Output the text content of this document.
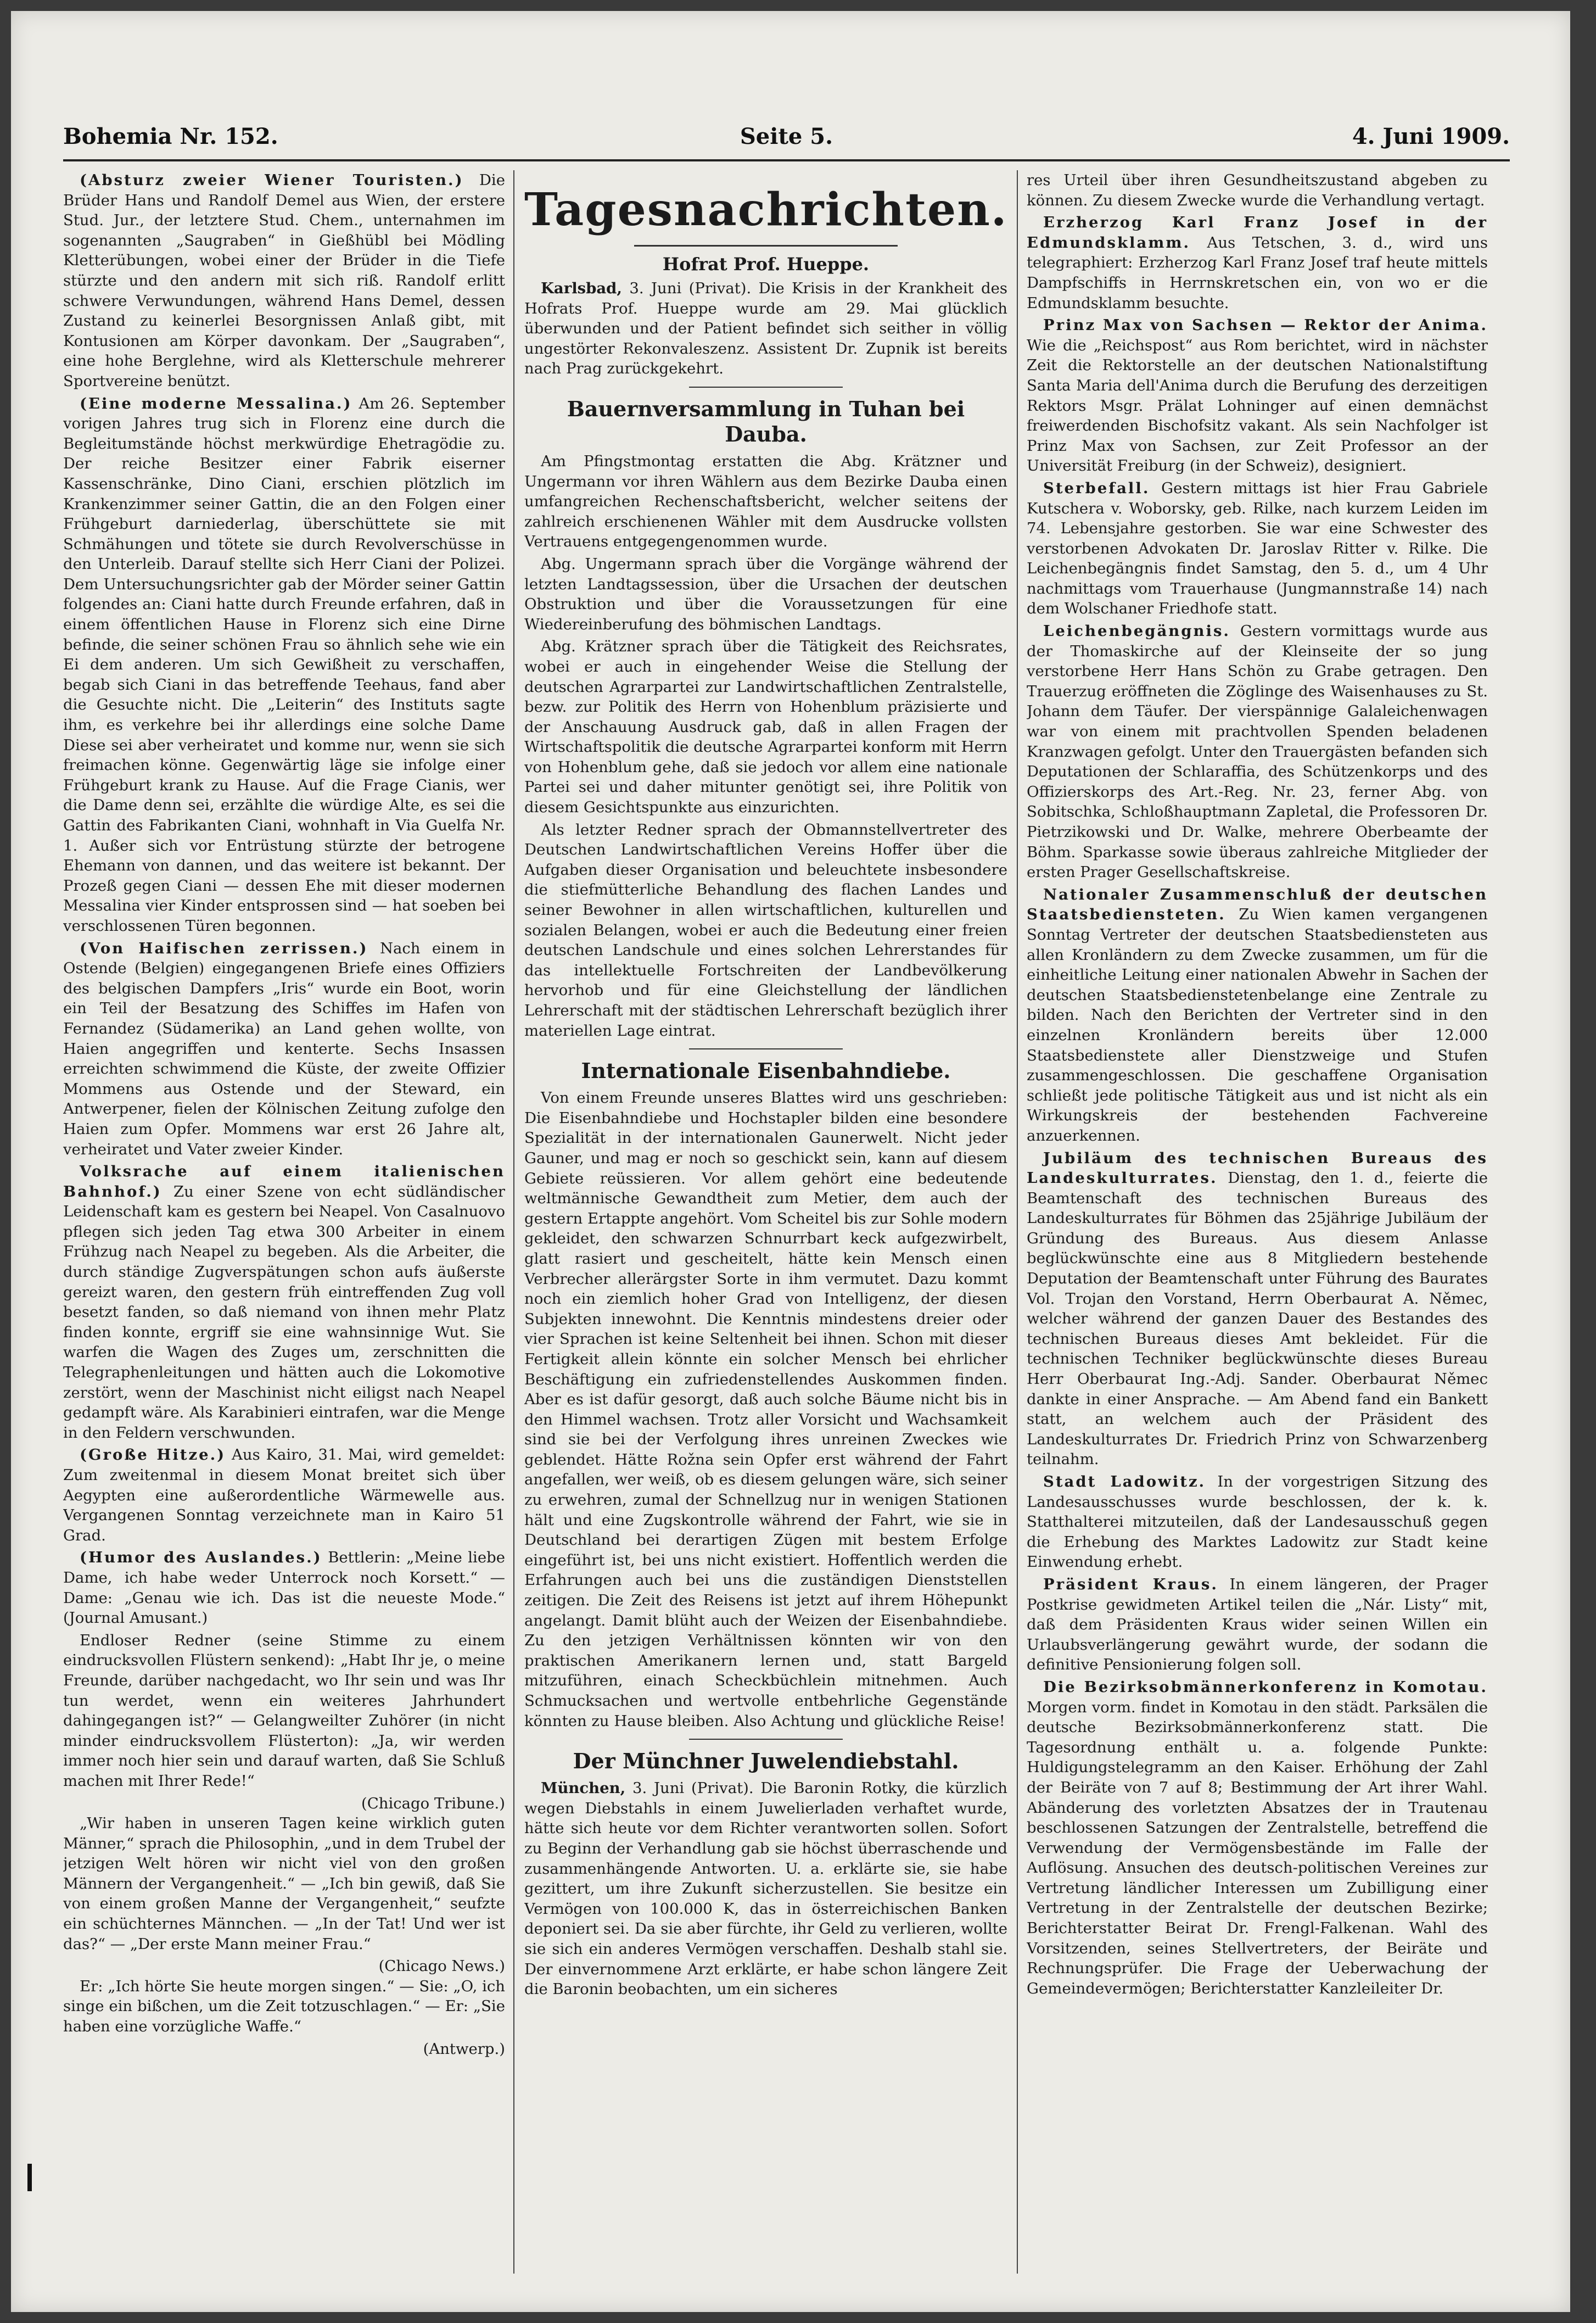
Bohemia Nr. 152.	Seite 5.	4. Juni 1909.

(Absturz zweier Wiener Touristen.) Die Brüder Hans und Randolf Demel aus Wien, der erstere Stud. Jur., der letztere Stud. Chem., unternahmen im sogenannten „Saugraben“ in Gießhübl bei Mödling Kletterübungen, wobei einer der Brüder in die Tiefe stürzte und den andern mit sich riß. Randolf erlitt schwere Verwundungen, während Hans Demel, dessen Zustand zu keinerlei Besorgnissen Anlaß gibt, mit Kontusionen am Körper davonkam. Der „Saugraben“, eine hohe Berglehne, wird als Kletterschule mehrerer Sportvereine benützt.

(Eine moderne Messalina.) Am 26. September vorigen Jahres trug sich in Florenz eine durch die Begleitumstände höchst merkwürdige Ehetragödie zu. Der reiche Besitzer einer Fabrik eiserner Kassenschränke, Dino Ciani, erschien plötzlich im Krankenzimmer seiner Gattin, die an den Folgen einer Frühgeburt darniederlag, überschüttete sie mit Schmähungen und tötete sie durch Revolverschüsse in den Unterleib. Darauf stellte sich Herr Ciani der Polizei. Dem Untersuchungsrichter gab der Mörder seiner Gattin folgendes an: Ciani hatte durch Freunde erfahren, daß in einem öffentlichen Hause in Florenz sich eine Dirne befinde, die seiner schönen Frau so ähnlich sehe wie ein Ei dem anderen. Um sich Gewißheit zu verschaffen, begab sich Ciani in das betreffende Teehaus, fand aber die Gesuchte nicht. Die „Leiterin“ des Instituts sagte ihm, es verkehre bei ihr allerdings eine solche Dame Diese sei aber verheiratet und komme nur, wenn sie sich freimachen könne. Gegenwärtig läge sie infolge einer Frühgeburt krank zu Hause. Auf die Frage Cianis, wer die Dame denn sei, erzählte die würdige Alte, es sei die Gattin des Fabrikanten Ciani, wohnhaft in Via Guelfa Nr. 1. Außer sich vor Entrüstung stürzte der betrogene Ehemann von dannen, und das weitere ist bekannt. Der Prozeß gegen Ciani — dessen Ehe mit dieser modernen Messalina vier Kinder entsprossen sind — hat soeben bei verschlossenen Türen begonnen.

(Von Haifischen zerrissen.) Nach einem in Ostende (Belgien) eingegangenen Briefe eines Offiziers des belgischen Dampfers „Iris“ wurde ein Boot, worin ein Teil der Besatzung des Schiffes im Hafen von Fernandez (Südamerika) an Land gehen wollte, von Haien angegriffen und kenterte. Sechs Insassen erreichten schwimmend die Küste, der zweite Offizier Mommens aus Ostende und der Steward, ein Antwerpener, fielen der Kölnischen Zeitung zufolge den Haien zum Opfer. Mommens war erst 26 Jahre alt, verheiratet und Vater zweier Kinder.

Volksrache auf einem italienischen Bahnhof.) Zu einer Szene von echt südländischer Leidenschaft kam es gestern bei Neapel. Von Casalnuovo pflegen sich jeden Tag etwa 300 Arbeiter in einem Frühzug nach Neapel zu begeben. Als die Arbeiter, die durch ständige Zugverspätungen schon aufs äußerste gereizt waren, den gestern früh eintreffenden Zug voll besetzt fanden, so daß niemand von ihnen mehr Platz finden konnte, ergriff sie eine wahnsinnige Wut. Sie warfen die Wagen des Zuges um, zerschnitten die Telegraphenleitungen und hätten auch die Lokomotive zerstört, wenn der Maschinist nicht eiligst nach Neapel gedampft wäre. Als Karabinieri eintrafen, war die Menge in den Feldern verschwunden.

(Große Hitze.) Aus Kairo, 31. Mai, wird gemeldet: Zum zweitenmal in diesem Monat breitet sich über Aegypten eine außerordentliche Wärmewelle aus. Vergangenen Sonntag verzeichnete man in Kairo 51 Grad.

(Humor des Auslandes.) Bettlerin: „Meine liebe Dame, ich habe weder Unterrock noch Korsett.“ — Dame: „Genau wie ich. Das ist die neueste Mode.“ (Journal Amusant.)

Endloser Redner (seine Stimme zu einem eindrucksvollen Flüstern senkend): „Habt Ihr je, o meine Freunde, darüber nachgedacht, wo Ihr sein und was Ihr tun werdet, wenn ein weiteres Jahrhundert dahingegangen ist?“ — Gelangweilter Zuhörer (in nicht minder eindrucksvollem Flüsterton): „Ja, wir werden immer noch hier sein und darauf warten, daß Sie Schluß machen mit Ihrer Rede!“

(Chicago Tribune.)

„Wir haben in unseren Tagen keine wirklich guten Männer,“ sprach die Philosophin, „und in dem Trubel der jetzigen Welt hören wir nicht viel von den großen Männern der Vergangenheit.“ — „Ich bin gewiß, daß Sie von einem großen Manne der Vergangenheit,“ seufzte ein schüchternes Männchen. — „In der Tat! Und wer ist das?“ — „Der erste Mann meiner Frau.“

(Chicago News.)

Er: „Ich hörte Sie heute morgen singen.“ — Sie: „O, ich singe ein bißchen, um die Zeit totzuschlagen.“ — Er: „Sie haben eine vorzügliche Waffe.“

(Antwerp.)
Tagesnachrichten.
Hofrat Prof. Hueppe.

Karlsbad, 3. Juni (Privat). Die Krisis in der Krankheit des Hofrats Prof. Hueppe wurde am 29. Mai glücklich überwunden und der Patient befindet sich seither in völlig ungestörter Rekonvaleszenz. Assistent Dr. Zupnik ist bereits nach Prag zurückgekehrt.

Bauernversammlung in Tuhan bei Dauba.

Am Pfingstmontag erstatten die Abg. Krätzner und Ungermann vor ihren Wählern aus dem Bezirke Dauba einen umfangreichen Rechenschaftsbericht, welcher seitens der zahlreich erschienenen Wähler mit dem Ausdrucke vollsten Vertrauens entgegengenommen wurde.

Abg. Ungermann sprach über die Vorgänge während der letzten Landtagssession, über die Ursachen der deutschen Obstruktion und über die Voraussetzungen für eine Wiedereinberufung des böhmischen Landtags.

Abg. Krätzner sprach über die Tätigkeit des Reichsrates, wobei er auch in eingehender Weise die Stellung der deutschen Agrarpartei zur Landwirtschaftlichen Zentralstelle, bezw. zur Politik des Herrn von Hohenblum präzisierte und der Anschauung Ausdruck gab, daß in allen Fragen der Wirtschaftspolitik die deutsche Agrarpartei konform mit Herrn von Hohenblum gehe, daß sie jedoch vor allem eine nationale Partei sei und daher mitunter genötigt sei, ihre Politik von diesem Gesichtspunkte aus einzurichten.

Als letzter Redner sprach der Obmannstellvertreter des Deutschen Landwirtschaftlichen Vereins Hoffer über die Aufgaben dieser Organisation und beleuchtete insbesondere die stiefmütterliche Behandlung des flachen Landes und seiner Bewohner in allen wirtschaftlichen, kulturellen und sozialen Belangen, wobei er auch die Bedeutung einer freien deutschen Landschule und eines solchen Lehrerstandes für das intellektuelle Fortschreiten der Landbevölkerung hervorhob und für eine Gleichstellung der ländlichen Lehrerschaft mit der städtischen Lehrerschaft bezüglich ihrer materiellen Lage eintrat.

Internationale Eisenbahndiebe.

Von einem Freunde unseres Blattes wird uns geschrieben: Die Eisenbahndiebe und Hochstapler bilden eine besondere Spezialität in der internationalen Gaunerwelt. Nicht jeder Gauner, und mag er noch so geschickt sein, kann auf diesem Gebiete reüssieren. Vor allem gehört eine bedeutende weltmännische Gewandtheit zum Metier, dem auch der gestern Ertappte angehört. Vom Scheitel bis zur Sohle modern gekleidet, den schwarzen Schnurrbart keck aufgezwirbelt, glatt rasiert und gescheitelt, hätte kein Mensch einen Verbrecher allerärgster Sorte in ihm vermutet. Dazu kommt noch ein ziemlich hoher Grad von Intelligenz, der diesen Subjekten innewohnt. Die Kenntnis mindestens dreier oder vier Sprachen ist keine Seltenheit bei ihnen. Schon mit dieser Fertigkeit allein könnte ein solcher Mensch bei ehrlicher Beschäftigung ein zufriedenstellendes Auskommen finden. Aber es ist dafür gesorgt, daß auch solche Bäume nicht bis in den Himmel wachsen. Trotz aller Vorsicht und Wachsamkeit sind sie bei der Verfolgung ihres unreinen Zweckes wie geblendet. Hätte Rožna sein Opfer erst während der Fahrt angefallen, wer weiß, ob es diesem gelungen wäre, sich seiner zu erwehren, zumal der Schnellzug nur in wenigen Stationen hält und eine Zugskontrolle während der Fahrt, wie sie in Deutschland bei derartigen Zügen mit bestem Erfolge eingeführt ist, bei uns nicht existiert. Hoffentlich werden die Erfahrungen auch bei uns die zuständigen Dienststellen zeitigen. Die Zeit des Reisens ist jetzt auf ihrem Höhepunkt angelangt. Damit blüht auch der Weizen der Eisenbahndiebe. Zu den jetzigen Verhältnissen könnten wir von den praktischen Amerikanern lernen und, statt Bargeld mitzuführen, einach Scheckbüchlein mitnehmen. Auch Schmucksachen und wertvolle entbehrliche Gegenstände könnten zu Hause bleiben. Also Achtung und glückliche Reise!

Der Münchner Juwelendiebstahl.

München, 3. Juni (Privat). Die Baronin Rotky, die kürzlich wegen Diebstahls in einem Juwelierladen verhaftet wurde, hätte sich heute vor dem Richter verantworten sollen. Sofort zu Beginn der Verhandlung gab sie höchst überraschende und zusammenhängende Antworten. U. a. erklärte sie, sie habe gezittert, um ihre Zukunft sicherzustellen. Sie besitze ein Vermögen von 100.000 K, das in österreichischen Banken deponiert sei. Da sie aber fürchte, ihr Geld zu verlieren, wollte sie sich ein anderes Vermögen verschaffen. Deshalb stahl sie. Der einvernommene Arzt erklärte, er habe schon längere Zeit die Baronin beobachten, um ein sicheres

res Urteil über ihren Gesundheitszustand abgeben zu können. Zu diesem Zwecke wurde die Verhandlung vertagt.

Erzherzog Karl Franz Josef in der Edmundsklamm. Aus Tetschen, 3. d., wird uns telegraphiert: Erzherzog Karl Franz Josef traf heute mittels Dampfschiffs in Herrnskretschen ein, von wo er die Edmundsklamm besuchte.

Prinz Max von Sachsen — Rektor der Anima. Wie die „Reichspost“ aus Rom berichtet, wird in nächster Zeit die Rektorstelle an der deutschen Nationalstiftung Santa Maria dell'Anima durch die Berufung des derzeitigen Rektors Msgr. Prälat Lohninger auf einen demnächst freiwerdenden Bischofsitz vakant. Als sein Nachfolger ist Prinz Max von Sachsen, zur Zeit Professor an der Universität Freiburg (in der Schweiz), designiert.

Sterbefall. Gestern mittags ist hier Frau Gabriele Kutschera v. Woborsky, geb. Rilke, nach kurzem Leiden im 74. Lebensjahre gestorben. Sie war eine Schwester des verstorbenen Advokaten Dr. Jaroslav Ritter v. Rilke. Die Leichenbegängnis findet Samstag, den 5. d., um 4 Uhr nachmittags vom Trauerhause (Jungmannstraße 14) nach dem Wolschaner Friedhofe statt.

Leichenbegängnis. Gestern vormittags wurde aus der Thomaskirche auf der Kleinseite der so jung verstorbene Herr Hans Schön zu Grabe getragen. Den Trauerzug eröffneten die Zöglinge des Waisenhauses zu St. Johann dem Täufer. Der vierspännige Galaleichenwagen war von einem mit prachtvollen Spenden beladenen Kranzwagen gefolgt. Unter den Trauergästen befanden sich Deputationen der Schlaraffia, des Schützenkorps und des Offizierskorps des Art.-Reg. Nr. 23, ferner Abg. von Sobitschka, Schloßhauptmann Zapletal, die Professoren Dr. Pietrzikowski und Dr. Walke, mehrere Oberbeamte der Böhm. Sparkasse sowie überaus zahlreiche Mitglieder der ersten Prager Gesellschaftskreise.

Nationaler Zusammenschluß der deutschen Staatsbediensteten. Zu Wien kamen vergangenen Sonntag Vertreter der deutschen Staatsbediensteten aus allen Kronländern zu dem Zwecke zusammen, um für die einheitliche Leitung einer nationalen Abwehr in Sachen der deutschen Staatsbedienstetenbelange eine Zentrale zu bilden. Nach den Berichten der Vertreter sind in den einzelnen Kronländern bereits über 12.000 Staatsbedienstete aller Dienstzweige und Stufen zusammengeschlossen. Die geschaffene Organisation schließt jede politische Tätigkeit aus und ist nicht als ein Wirkungskreis der bestehenden Fachvereine anzuerkennen.

Jubiläum des technischen Bureaus des Landeskulturrates. Dienstag, den 1. d., feierte die Beamtenschaft des technischen Bureaus des Landeskulturrates für Böhmen das 25jährige Jubiläum der Gründung des Bureaus. Aus diesem Anlasse beglückwünschte eine aus 8 Mitgliedern bestehende Deputation der Beamtenschaft unter Führung des Baurates Vol. Trojan den Vorstand, Herrn Oberbaurat A. Němec, welcher während der ganzen Dauer des Bestandes des technischen Bureaus dieses Amt bekleidet. Für die technischen Techniker beglückwünschte dieses Bureau Herr Oberbaurat Ing.-Adj. Sander. Oberbaurat Němec dankte in einer Ansprache. — Am Abend fand ein Bankett statt, an welchem auch der Präsident des Landeskulturrates Dr. Friedrich Prinz von Schwarzenberg teilnahm.

Stadt Ladowitz. In der vorgestrigen Sitzung des Landesausschusses wurde beschlossen, der k. k. Statthalterei mitzuteilen, daß der Landesausschuß gegen die Erhebung des Marktes Ladowitz zur Stadt keine Einwendung erhebt.

Präsident Kraus. In einem längeren, der Prager Postkrise gewidmeten Artikel teilen die „Nár. Listy“ mit, daß dem Präsidenten Kraus wider seinen Willen ein Urlaubsverlängerung gewährt wurde, der sodann die definitive Pensionierung folgen soll.

Die Bezirksobmännerkonferenz in Komotau. Morgen vorm. findet in Komotau in den städt. Parksälen die deutsche Bezirksobmännerkonferenz statt. Die Tagesordnung enthält u. a. folgende Punkte: Huldigungstelegramm an den Kaiser. Erhöhung der Zahl der Beiräte von 7 auf 8; Bestimmung der Art ihrer Wahl. Abänderung des vorletzten Absatzes der in Trautenau beschlossenen Satzungen der Zentralstelle, betreffend die Verwendung der Vermögensbestände im Falle der Auflösung. Ansuchen des deutsch-politischen Vereines zur Vertretung ländlicher Interessen um Zubilligung einer Vertretung in der Zentralstelle der deutschen Bezirke; Berichterstatter Beirat Dr. Frengl-Falkenan. Wahl des Vorsitzenden, seines Stellvertreters, der Beiräte und Rechnungsprüfer. Die Frage der Ueberwachung der Gemeindevermögen; Berichterstatter Kanzleileiter Dr.
